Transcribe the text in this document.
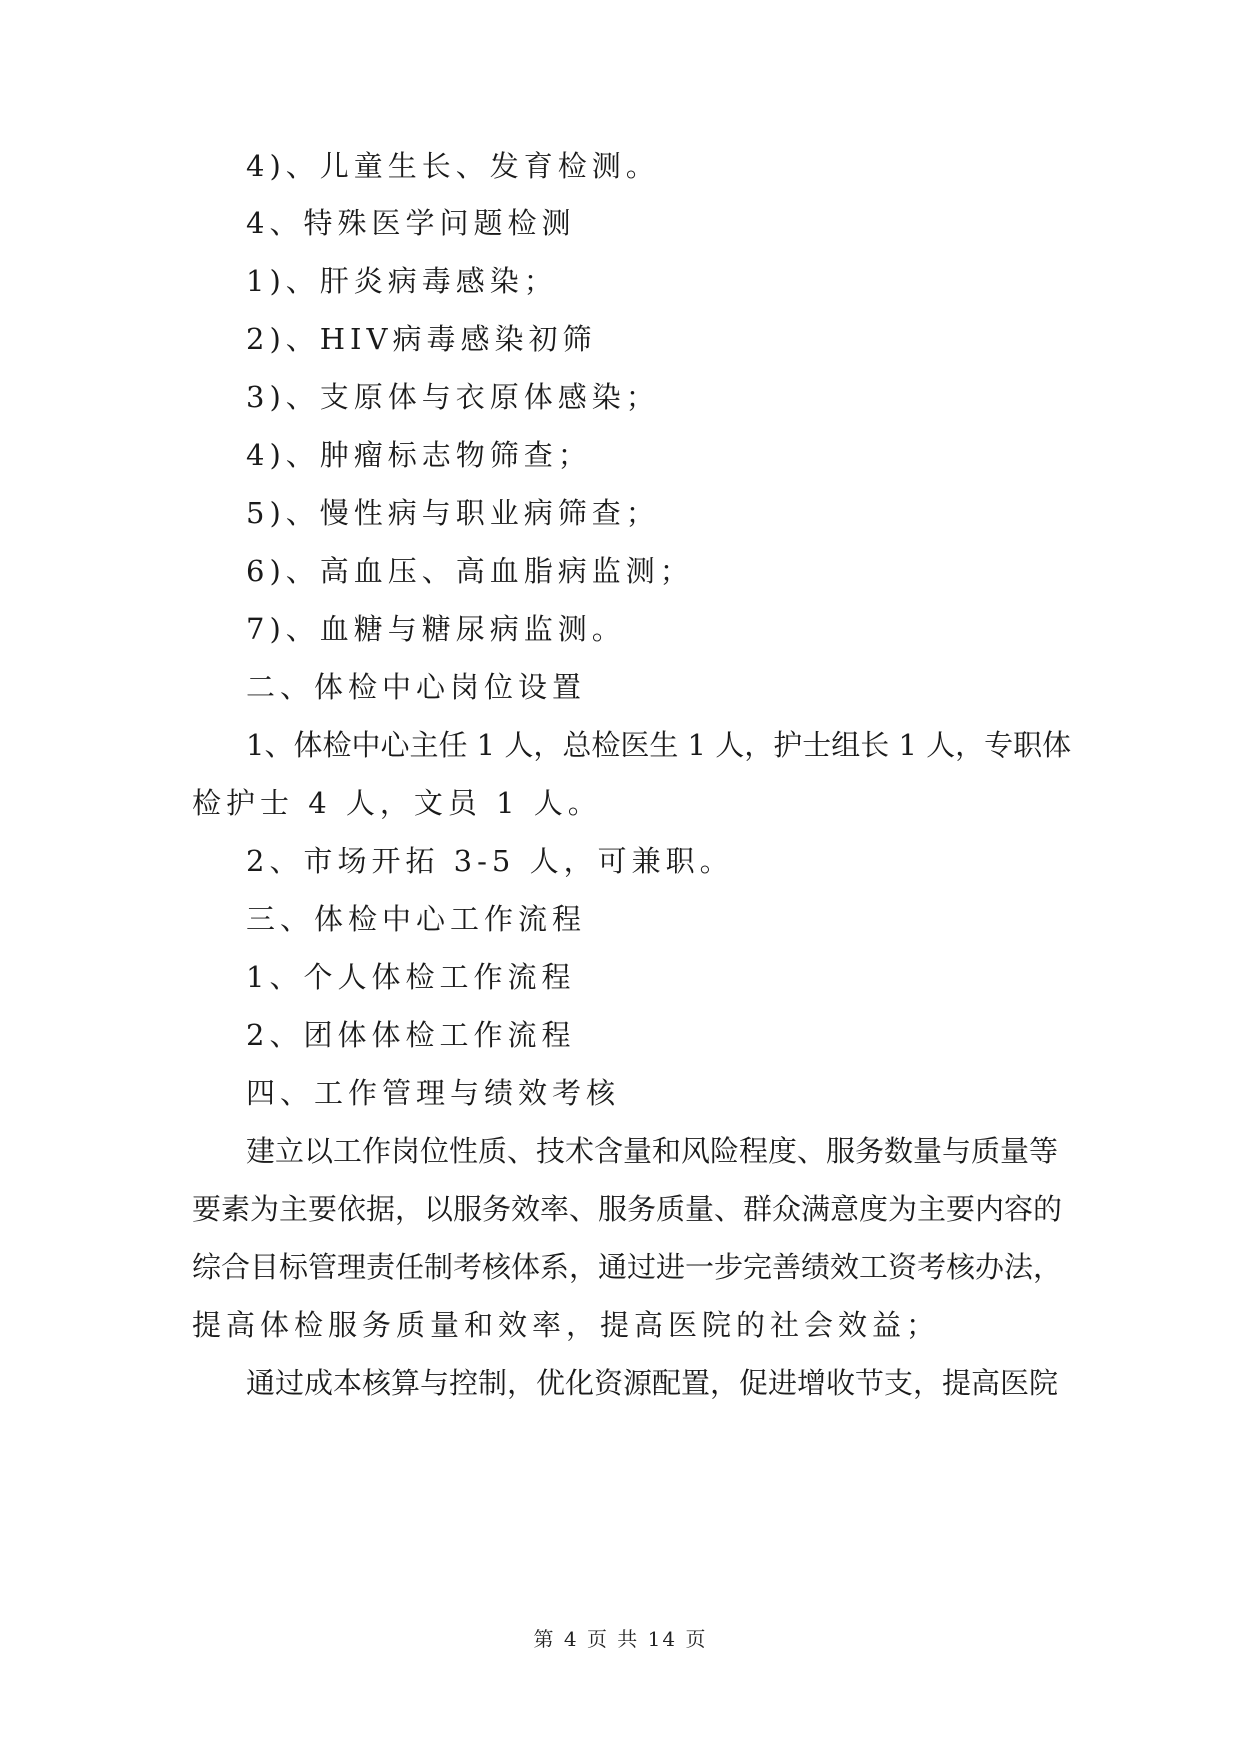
4)、儿童生长、发育检测。
4、特殊医学问题检测
1)、肝炎病毒感染；
2)、HIV病毒感染初筛
3)、支原体与衣原体感染；
4)、肿瘤标志物筛查；
5)、慢性病与职业病筛查；
6)、高血压、高血脂病监测；
7)、血糖与糖尿病监测。
二、体检中心岗位设置
1、体检中心主任 1 人，总检医生 1 人，护士组长 1 人，专职体
检护士 4 人，文员 1 人。
2、市场开拓 3-5 人，可兼职。
三、体检中心工作流程
1、个人体检工作流程
2、团体体检工作流程
四、工作管理与绩效考核
建立以工作岗位性质、技术含量和风险程度、服务数量与质量等
要素为主要依据，以服务效率、服务质量、群众满意度为主要内容的
综合目标管理责任制考核体系，通过进一步完善绩效工资考核办法，
提高体检服务质量和效率，提高医院的社会效益；
通过成本核算与控制，优化资源配置，促进增收节支，提高医院
第 4 页 共 14 页
